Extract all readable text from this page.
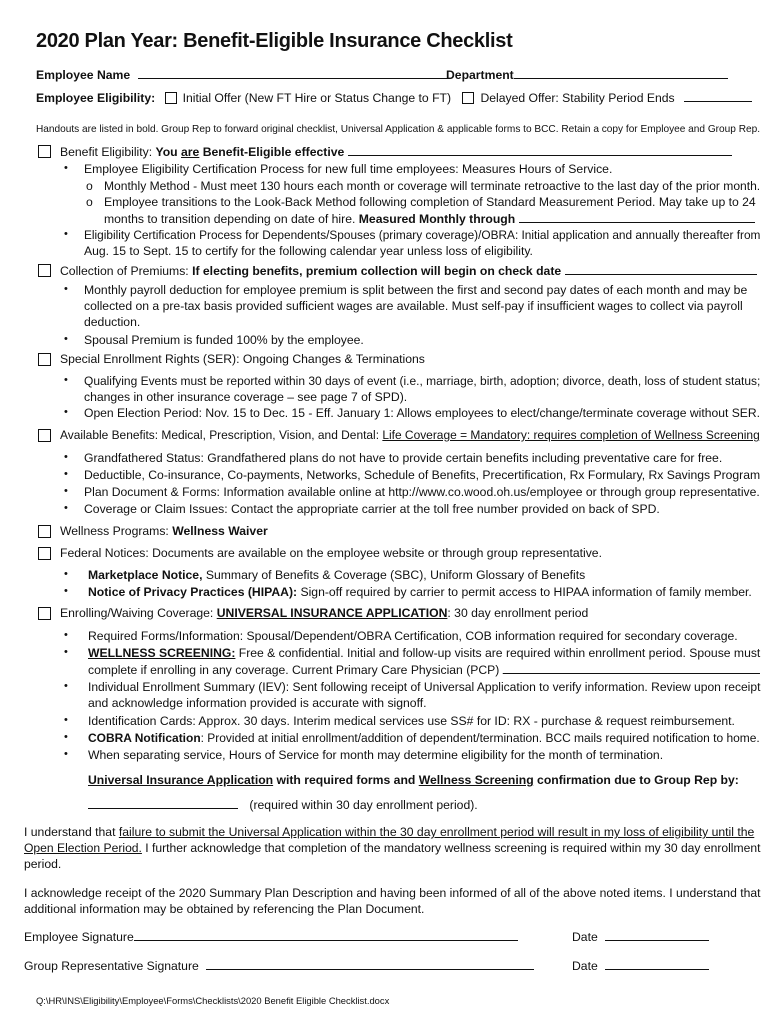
2020 Plan Year: Benefit-Eligible Insurance Checklist
Employee Name	Department
Employee Eligibility: Initial Offer (New FT Hire or Status Change to FT) Delayed Offer: Stability Period Ends
Handouts are listed in bold. Group Rep to forward original checklist, Universal Application & applicable forms to BCC. Retain a copy for Employee and Group Rep.
Benefit Eligibility: You are Benefit-Eligible effective
• Employee Eligibility Certification Process for new full time employees: Measures Hours of Service.
o Monthly Method - Must meet 130 hours each month or coverage will terminate retroactive to the last day of the prior month.
o Employee transitions to the Look-Back Method following completion of Standard Measurement Period. May take up to 24
months to transition depending on date of hire. Measured Monthly through
• Eligibility Certification Process for Dependents/Spouses (primary coverage)/OBRA: Initial application and annually thereafter from
Aug. 15 to Sept. 15 to certify for the following calendar year unless loss of eligibility.
Collection of Premiums: If electing benefits, premium collection will begin on check date
• Monthly payroll deduction for employee premium is split between the first and second pay dates of each month and may be
collected on a pre-tax basis provided sufficient wages are available. Must self-pay if insufficient wages to collect via payroll
deduction.
• Spousal Premium is funded 100% by the employee.
Special Enrollment Rights (SER): Ongoing Changes & Terminations
• Qualifying Events must be reported within 30 days of event (i.e., marriage, birth, adoption; divorce, death, loss of student status;
changes in other insurance coverage – see page 7 of SPD).
• Open Election Period: Nov. 15 to Dec. 15 - Eff. January 1: Allows employees to elect/change/terminate coverage without SER.
Available Benefits: Medical, Prescription, Vision, and Dental: Life Coverage = Mandatory: requires completion of Wellness Screening
• Grandfathered Status: Grandfathered plans do not have to provide certain benefits including preventative care for free.
• Deductible, Co-insurance, Co-payments, Networks, Schedule of Benefits, Precertification, Rx Formulary, Rx Savings Program
• Plan Document & Forms: Information available online at http://www.co.wood.oh.us/employee or through group representative.
• Coverage or Claim Issues: Contact the appropriate carrier at the toll free number provided on back of SPD.
Wellness Programs: Wellness Waiver
Federal Notices: Documents are available on the employee website or through group representative.
• Marketplace Notice, Summary of Benefits & Coverage (SBC), Uniform Glossary of Benefits
• Notice of Privacy Practices (HIPAA): Sign-off required by carrier to permit access to HIPAA information of family member.
Enrolling/Waiving Coverage: UNIVERSAL INSURANCE APPLICATION: 30 day enrollment period
• Required Forms/Information: Spousal/Dependent/OBRA Certification, COB information required for secondary coverage.
• WELLNESS SCREENING: Free & confidential. Initial and follow-up visits are required within enrollment period. Spouse must
complete if enrolling in any coverage. Current Primary Care Physician (PCP)
• Individual Enrollment Summary (IEV): Sent following receipt of Universal Application to verify information. Review upon receipt
and acknowledge information provided is accurate with signoff.
• Identification Cards: Approx. 30 days. Interim medical services use SS# for ID: RX - purchase & request reimbursement.
• COBRA Notification: Provided at initial enrollment/addition of dependent/termination. BCC mails required notification to home.
• When separating service, Hours of Service for month may determine eligibility for the month of termination.
Universal Insurance Application with required forms and Wellness Screening confirmation due to Group Rep by:
(required within 30 day enrollment period).
I understand that failure to submit the Universal Application within the 30 day enrollment period will result in my loss of eligibility until the
Open Election Period. I further acknowledge that completion of the mandatory wellness screening is required within my 30 day enrollment
period.
I acknowledge receipt of the 2020 Summary Plan Description and having been informed of all of the above noted items. I understand that
additional information may be obtained by referencing the Plan Document.
Employee Signature	Date
Group Representative Signature	Date
Q:\HR\INS\Eligibility\Employee\Forms\Checklists\2020 Benefit Eligible Checklist.docx
